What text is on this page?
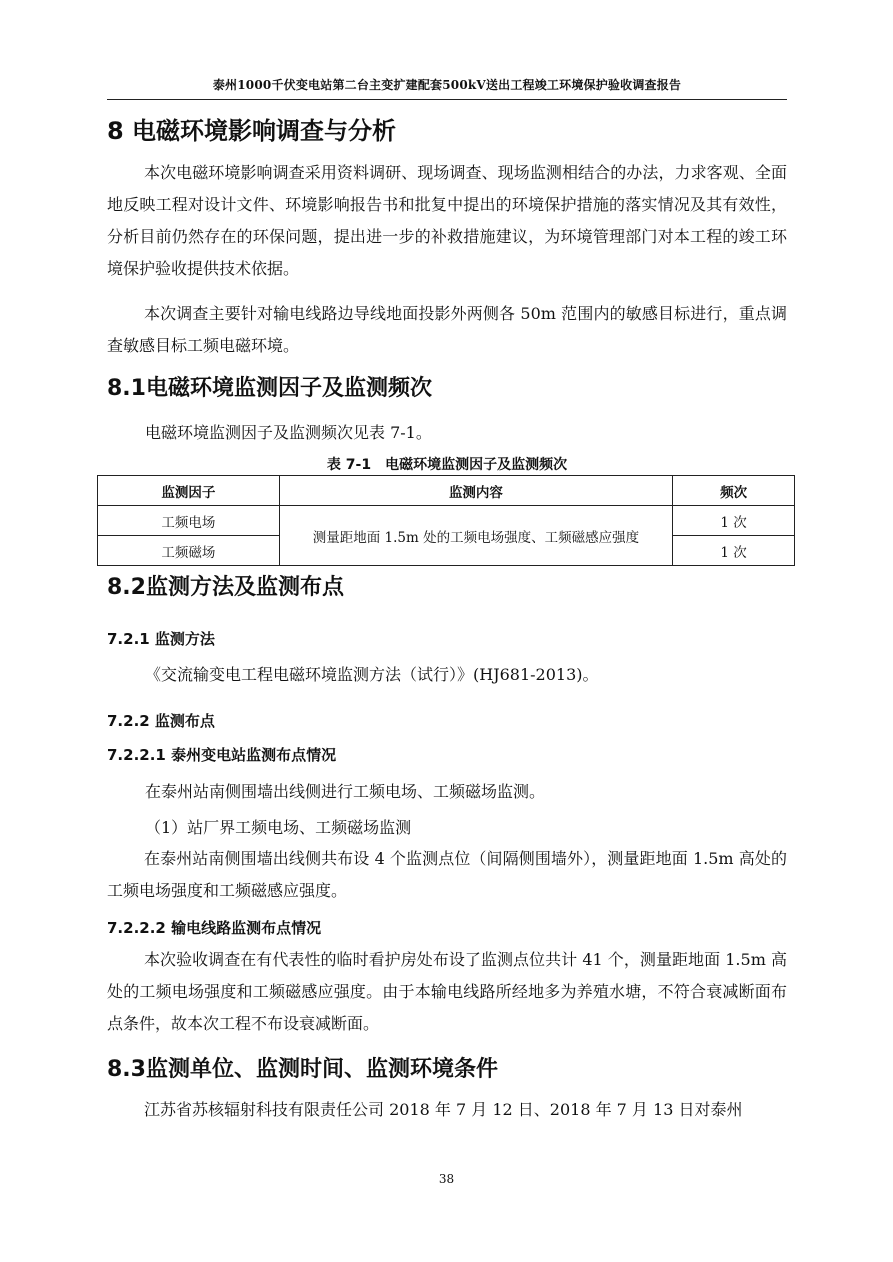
泰州1000千伏变电站第二台主变扩建配套500kV送出工程竣工环境保护验收调查报告
8 电磁环境影响调查与分析

本次电磁环境影响调查采用资料调研、现场调查、现场监测相结合的办法，力求客观、全面地反映工程对设计文件、环境影响报告书和批复中提出的环境保护措施的落实情况及其有效性，分析目前仍然存在的环保问题，提出进一步的补救措施建议，为环境管理部门对本工程的竣工环境保护验收提供技术依据。

本次调查主要针对输电线路边导线地面投影外两侧各 50m 范围内的敏感目标进行，重点调查敏感目标工频电磁环境。

8.1电磁环境监测因子及监测频次
电磁环境监测因子及监测频次见表 7-1。
表 7-1　电磁环境监测因子及监测频次
监测因子	监测内容	频次
工频电场	测量距地面 1.5m 处的工频电场强度、工频磁感应强度	1 次
工频磁场		1 次
8.2监测方法及监测布点
7.2.1 监测方法
《交流输变电工程电磁环境监测方法（试行）》(HJ681-2013)。
7.2.2 监测布点
7.2.2.1 泰州变电站监测布点情况
在泰州站南侧围墙出线侧进行工频电场、工频磁场监测。
（1）站厂界工频电场、工频磁场监测

在泰州站南侧围墙出线侧共布设 4 个监测点位（间隔侧围墙外），测量距地面 1.5m 高处的工频电场强度和工频磁感应强度。

7.2.2.2 输电线路监测布点情况

本次验收调查在有代表性的临时看护房处布设了监测点位共计 41 个，测量距地面 1.5m 高处的工频电场强度和工频磁感应强度。由于本输电线路所经地多为养殖水塘，不符合衰减断面布点条件，故本次工程不布设衰减断面。

8.3监测单位、监测时间、监测环境条件

江苏省苏核辐射科技有限责任公司 2018 年 7 月 12 日、2018 年 7 月 13 日对泰州

38
